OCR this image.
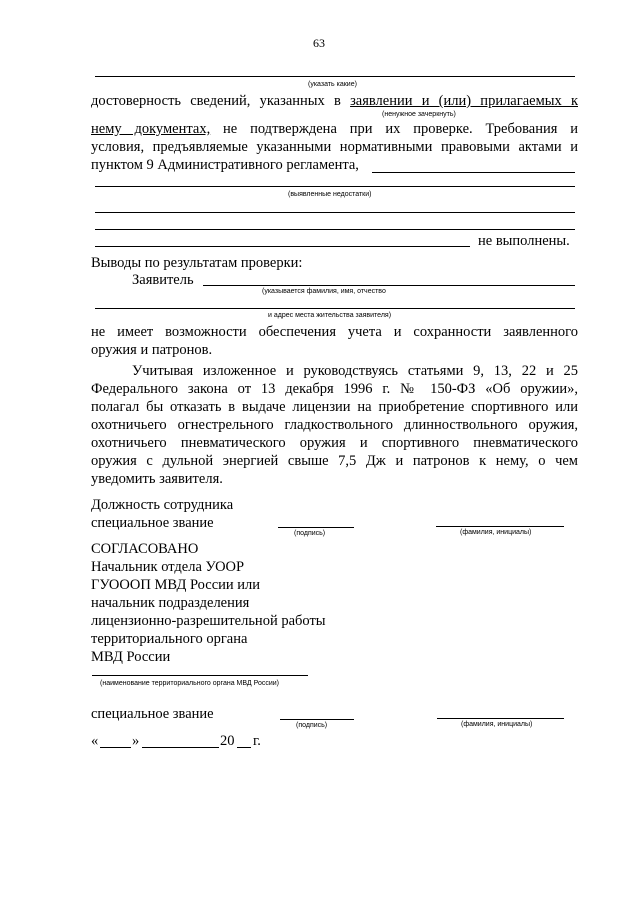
63
(указать какие)
достоверность сведений, указанных в заявлении и (или) прилагаемых к
(ненужное зачеркнуть)
нему документах, не подтверждена при их проверке. Требования и
условия, предъявляемые указанными нормативными правовыми актами и
пунктом 9 Административного регламента,
(выявленные недостатки)
не выполнены.
Выводы по результатам проверки:
Заявитель
(указывается фамилия, имя, отчество
и адрес места жительства заявителя)
не имеет возможности обеспечения учета и сохранности заявленного
оружия и патронов.
Учитывая изложенное и руководствуясь статьями 9, 13, 22 и 25
Федерального закона от 13 декабря 1996 г. № 150-ФЗ «Об оружии»,
полагал бы отказать в выдаче лицензии на приобретение спортивного или
охотничьего огнестрельного гладкоствольного длинноствольного оружия,
охотничьего пневматического оружия и спортивного пневматического
оружия с дульной энергией свыше 7,5 Дж и патронов к нему, о чем
уведомить заявителя.
Должность сотрудника
специальное звание
(подпись)	(фамилия, инициалы)
СОГЛАСОВАНО
Начальник отдела УООР
ГУОООП МВД России или
начальник подразделения
лицензионно-разрешительной работы
территориального органа
МВД России
(наименование территориального органа МВД России)
специальное звание
(подпись)	(фамилия, инициалы)
« »	20 г.
